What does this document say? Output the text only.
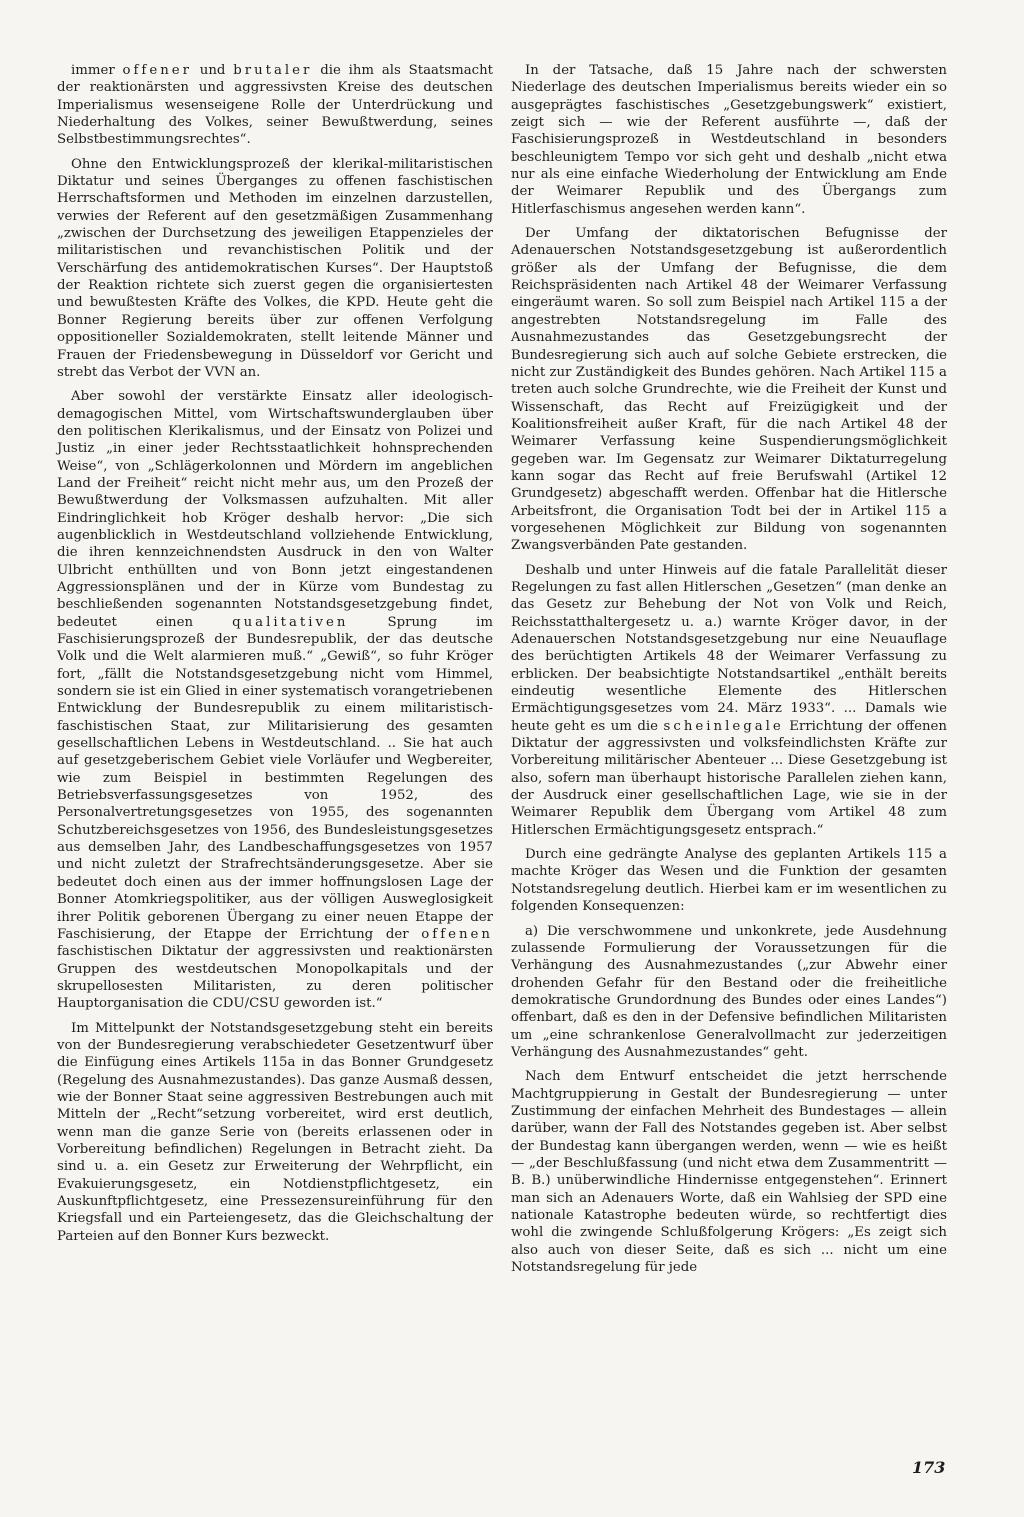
immer offener und brutaler die ihm als Staatsmacht der reaktionärsten und aggressivsten Kreise des deutschen Imperialismus wesenseigene Rolle der Unterdrückung und Niederhaltung des Volkes, seiner Bewußtwerdung, seines Selbstbestimmungsrechtes“.

Ohne den Entwicklungsprozeß der klerikal-militaristischen Diktatur und seines Überganges zu offenen faschistischen Herrschaftsformen und Methoden im einzelnen darzustellen, verwies der Referent auf den gesetzmäßigen Zusammenhang „zwischen der Durchsetzung des jeweiligen Etappenzieles der militaristischen und revanchistischen Politik und der Verschärfung des antidemokratischen Kurses“. Der Hauptstoß der Reaktion richtete sich zuerst gegen die organisiertesten und bewußtesten Kräfte des Volkes, die KPD. Heute geht die Bonner Regierung bereits über zur offenen Verfolgung oppositioneller Sozialdemokraten, stellt leitende Männer und Frauen der Friedensbewegung in Düsseldorf vor Gericht und strebt das Verbot der VVN an.

Aber sowohl der verstärkte Einsatz aller ideologisch-demagogischen Mittel, vom Wirtschaftswunderglauben über den politischen Klerikalismus, und der Einsatz von Polizei und Justiz „in einer jeder Rechtsstaatlichkeit hohnsprechenden Weise“, von „Schlägerkolonnen und Mördern im angeblichen Land der Freiheit“ reicht nicht mehr aus, um den Prozeß der Bewußtwerdung der Volksmassen aufzuhalten. Mit aller Eindringlichkeit hob Kröger deshalb hervor: „Die sich augenblicklich in Westdeutschland vollziehende Entwicklung, die ihren kennzeichnendsten Ausdruck in den von Walter Ulbricht enthüllten und von Bonn jetzt eingestandenen Aggressionsplänen und der in Kürze vom Bundestag zu beschließenden sogenannten Notstandsgesetzgebung findet, bedeutet einen qualitativen Sprung im Faschisierungsprozeß der Bundesrepublik, der das deutsche Volk und die Welt alarmieren muß.“ „Gewiß“, so fuhr Kröger fort, „fällt die Notstandsgesetzgebung nicht vom Himmel, sondern sie ist ein Glied in einer systematisch vorangetriebenen Entwicklung der Bundesrepublik zu einem militaristisch-faschistischen Staat, zur Militarisierung des gesamten gesellschaftlichen Lebens in Westdeutschland. .. Sie hat auch auf gesetzgeberischem Gebiet viele Vorläufer und Wegbereiter, wie zum Beispiel in bestimmten Regelungen des Betriebsverfassungsgesetzes von 1952, des Personalvertretungsgesetzes von 1955, des sogenannten Schutzbereichsgesetzes von 1956, des Bundesleistungsgesetzes aus demselben Jahr, des Landbeschaffungsgesetzes von 1957 und nicht zuletzt der Strafrechtsänderungsgesetze. Aber sie bedeutet doch einen aus der immer hoffnungslosen Lage der Bonner Atomkriegspolitiker, aus der völligen Ausweglosigkeit ihrer Politik geborenen Übergang zu einer neuen Etappe der Faschisierung, der Etappe der Errichtung der offenen faschistischen Diktatur der aggressivsten und reaktionärsten Gruppen des westdeutschen Monopolkapitals und der skrupellosesten Militaristen, zu deren politischer Hauptorganisation die CDU/CSU geworden ist.“

Im Mittelpunkt der Notstandsgesetzgebung steht ein bereits von der Bundesregierung verabschiedeter Gesetzentwurf über die Einfügung eines Artikels 115a in das Bonner Grundgesetz (Regelung des Ausnahmezustandes). Das ganze Ausmaß dessen, wie der Bonner Staat seine aggressiven Bestrebungen auch mit Mitteln der „Recht“setzung vorbereitet, wird erst deutlich, wenn man die ganze Serie von (bereits erlassenen oder in Vorbereitung befindlichen) Regelungen in Betracht zieht. Da sind u. a. ein Gesetz zur Erweiterung der Wehrpflicht, ein Evakuierungsgesetz, ein Notdienstpflichtgesetz, ein Auskunftpflichtgesetz, eine Pressezensureinführung für den Kriegsfall und ein Parteiengesetz, das die Gleichschaltung der Parteien auf den Bonner Kurs bezweckt.

In der Tatsache, daß 15 Jahre nach der schwersten Niederlage des deutschen Imperialismus bereits wieder ein so ausgeprägtes faschistisches „Gesetzgebungswerk“ existiert, zeigt sich — wie der Referent ausführte —, daß der Faschisierungsprozeß in Westdeutschland in besonders beschleunigtem Tempo vor sich geht und deshalb „nicht etwa nur als eine einfache Wiederholung der Entwicklung am Ende der Weimarer Republik und des Übergangs zum Hitlerfaschismus angesehen werden kann“.

Der Umfang der diktatorischen Befugnisse der Adenauerschen Notstandsgesetzgebung ist außerordentlich größer als der Umfang der Befugnisse, die dem Reichspräsidenten nach Artikel 48 der Weimarer Verfassung eingeräumt waren. So soll zum Beispiel nach Artikel 115 a der angestrebten Notstandsregelung im Falle des Ausnahmezustandes das Gesetzgebungsrecht der Bundesregierung sich auch auf solche Gebiete erstrecken, die nicht zur Zuständigkeit des Bundes gehören. Nach Artikel 115 a treten auch solche Grundrechte, wie die Freiheit der Kunst und Wissenschaft, das Recht auf Freizügigkeit und der Koalitionsfreiheit außer Kraft, für die nach Artikel 48 der Weimarer Verfassung keine Suspendierungsmöglichkeit gegeben war. Im Gegensatz zur Weimarer Diktaturregelung kann sogar das Recht auf freie Berufswahl (Artikel 12 Grundgesetz) abgeschafft werden. Offenbar hat die Hitlersche Arbeitsfront, die Organisation Todt bei der in Artikel 115 a vorgesehenen Möglichkeit zur Bildung von sogenannten Zwangsverbänden Pate gestanden.

Deshalb und unter Hinweis auf die fatale Parallelität dieser Regelungen zu fast allen Hitlerschen „Gesetzen“ (man denke an das Gesetz zur Behebung der Not von Volk und Reich, Reichsstatthaltergesetz u. a.) warnte Kröger davor, in der Adenauerschen Notstandsgesetzgebung nur eine Neuauflage des berüchtigten Artikels 48 der Weimarer Verfassung zu erblicken. Der beabsichtigte Notstandsartikel „enthält bereits eindeutig wesentliche Elemente des Hitlerschen Ermächtigungsgesetzes vom 24. März 1933“. ... Damals wie heute geht es um die scheinlegale Errichtung der offenen Diktatur der aggressivsten und volksfeindlichsten Kräfte zur Vorbereitung militärischer Abenteuer ... Diese Gesetzgebung ist also, sofern man überhaupt historische Parallelen ziehen kann, der Ausdruck einer gesellschaftlichen Lage, wie sie in der Weimarer Republik dem Übergang vom Artikel 48 zum Hitlerschen Ermächtigungsgesetz entsprach.“

Durch eine gedrängte Analyse des geplanten Artikels 115 a machte Kröger das Wesen und die Funktion der gesamten Notstandsregelung deutlich. Hierbei kam er im wesentlichen zu folgenden Konsequenzen:

a) Die verschwommene und unkonkrete, jede Ausdehnung zulassende Formulierung der Voraussetzungen für die Verhängung des Ausnahmezustandes („zur Abwehr einer drohenden Gefahr für den Bestand oder die freiheitliche demokratische Grundordnung des Bundes oder eines Landes“) offenbart, daß es den in der Defensive befindlichen Militaristen um „eine schrankenlose Generalvollmacht zur jederzeitigen Verhängung des Ausnahmezustandes“ geht.

Nach dem Entwurf entscheidet die jetzt herrschende Machtgruppierung in Gestalt der Bundesregierung — unter Zustimmung der einfachen Mehrheit des Bundestages — allein darüber, wann der Fall des Notstandes gegeben ist. Aber selbst der Bundestag kann übergangen werden, wenn — wie es heißt — „der Beschlußfassung (und nicht etwa dem Zusammentritt — B. B.) unüberwindliche Hindernisse entgegenstehen“. Erinnert man sich an Adenauers Worte, daß ein Wahlsieg der SPD eine nationale Katastrophe bedeuten würde, so rechtfertigt dies wohl die zwingende Schlußfolgerung Krögers: „Es zeigt sich also auch von dieser Seite, daß es sich ... nicht um eine Notstandsregelung für jede

173
